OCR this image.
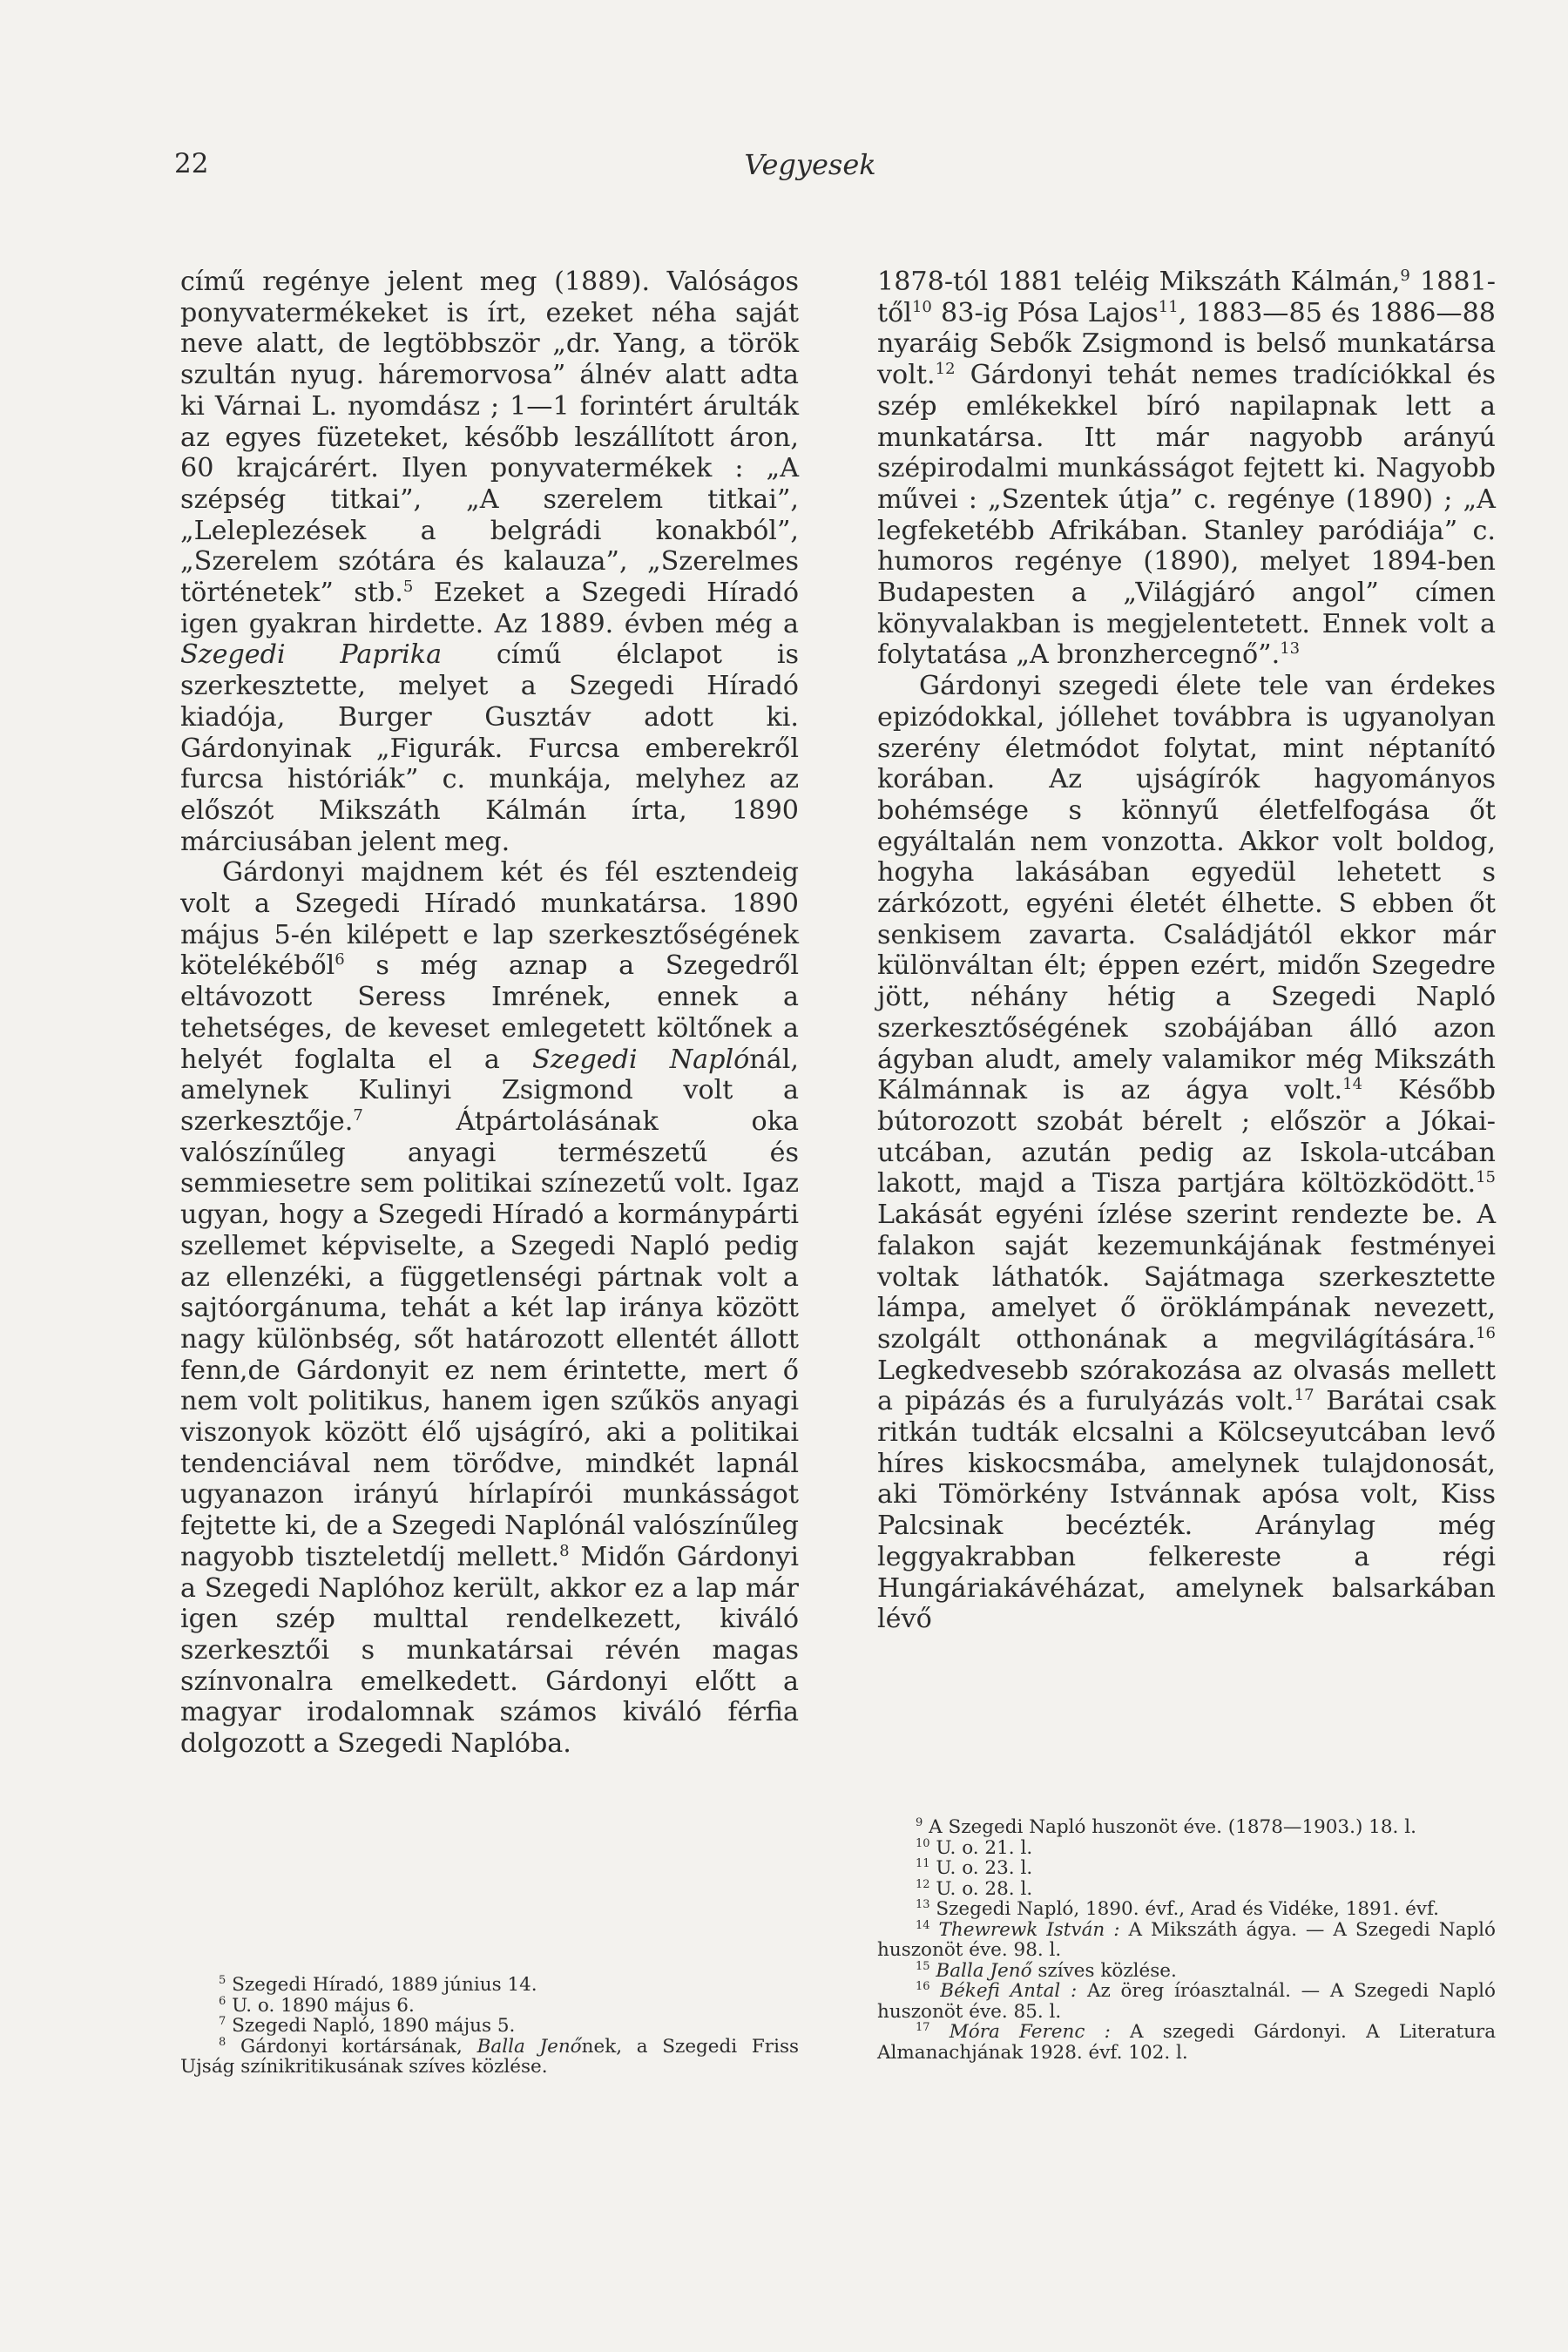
22	Vegyesek

című regénye jelent meg (1889). Valóságos ponyvatermékeket is írt, ezeket néha saját neve alatt, de legtöbbször „dr. Yang, a török szultán nyug. háremorvosa” álnév alatt adta ki Várnai L. nyomdász ; 1—1 forintért árulták az egyes füzeteket, később leszállított áron, 60 krajcárért. Ilyen ponyvatermékek : „A szépség titkai”, „A szerelem titkai”, „Leleplezések a belgrádi konakból”, „Szerelem szótára és kalauza”, „Szerelmes történetek” stb.$^5$ Ezeket a Szegedi Híradó igen gyakran hirdette. Az 1889. évben még a Szegedi Paprika című élclapot is szerkesztette, melyet a Szegedi Híradó kiadója, Burger Gusztáv adott ki. Gárdonyinak „Figurák. Furcsa emberekről furcsa históriák” c. munkája, melyhez az előszót Mikszáth Kálmán írta, 1890 márciusában jelent meg.

Gárdonyi majdnem két és fél esztendeig volt a Szegedi Híradó munkatársa. 1890 május 5-én kilépett e lap szerkesztőségének kötelékéből$^6$ s még aznap a Szegedről eltávozott Seress Imrének, ennek a tehetséges, de keveset emlegetett költőnek a helyét foglalta el a Szegedi Naplónál, amelynek Kulinyi Zsigmond volt a szerkesztője.$^7$ Átpártolásának oka valószínűleg anyagi természetű és semmiesetre sem politikai színezetű volt. Igaz ugyan, hogy a Szegedi Híradó a kormánypárti szellemet képviselte, a Szegedi Napló pedig az ellenzéki, a függetlenségi pártnak volt a sajtóorgánuma, tehát a két lap iránya között nagy különbség, sőt határozott ellentét állott fenn,de Gárdonyit ez nem érintette, mert ő nem volt politikus, hanem igen szűkös anyagi viszonyok között élő ujságíró, aki a politikai tendenciával nem törődve, mindkét lapnál ugyanazon irányú hírlapírói munkásságot fejtette ki, de a Szegedi Naplónál valószínűleg nagyobb tiszteletdíj mellett.$^8$ Midőn Gárdonyi a Szegedi Naplóhoz került, akkor ez a lap már igen szép multtal rendelkezett, kiváló szerkesztői s munkatársai révén magas színvonalra emelkedett. Gárdonyi előtt a magyar irodalomnak számos kiváló férfia dolgozott a Szegedi Naplóba.

1878-tól 1881 teléig Mikszáth Kálmán,$^9$ 1881-től$^{10}$ 83-ig Pósa Lajos$^{11}$, 1883—85 és 1886—88 nyaráig Sebők Zsigmond is belső munkatársa volt.$^{12}$ Gárdonyi tehát nemes tradíciókkal és szép emlékekkel bíró napilapnak lett a munkatársa. Itt már nagyobb arányú szépirodalmi munkásságot fejtett ki. Nagyobb művei : „Szentek útja” c. regénye (1890) ; „A legfeketébb Afrikában. Stanley paródiája” c. humoros regénye (1890), melyet 1894-ben Budapesten a „Világjáró angol” címen könyvalakban is megjelentetett. Ennek volt a folytatása „A bronzhercegnő”.$^{13}$

Gárdonyi szegedi élete tele van érdekes epizódokkal, jóllehet továbbra is ugyanolyan szerény életmódot folytat, mint néptanító korában. Az ujságírók hagyományos bohémsége s könnyű életfelfogása őt egyáltalán nem vonzotta. Akkor volt boldog, hogyha lakásában egyedül lehetett s zárkózott, egyéni életét élhette. S ebben őt senkisem zavarta. Családjától ekkor már különváltan élt; éppen ezért, midőn Szegedre jött, néhány hétig a Szegedi Napló szerkesztőségének szobájában álló azon ágyban aludt, amely valamikor még Mikszáth Kálmánnak is az ágya volt.$^{14}$ Később bútorozott szobát bérelt ; először a Jókai-utcában, azután pedig az Iskola-utcában lakott, majd a Tisza partjára költözködött.$^{15}$ Lakását egyéni ízlése szerint rendezte be. A falakon saját kezemunkájának festményei voltak láthatók. Sajátmaga szerkesztette lámpa, amelyet ő öröklámpának nevezett, szolgált otthonának a megvilágítására.$^{16}$ Legkedvesebb szórakozása az olvasás mellett a pipázás és a furulyázás volt.$^{17}$ Barátai csak ritkán tudták elcsalni a Kölcseyutcában levő híres kiskocsmába, amelynek tulajdonosát, aki Tömörkény Istvánnak apósa volt, Kiss Palcsinak becézték. Aránylag még leggyakrabban felkereste a régi Hungáriakávéházat, amelynek balsarkában lévő

$^5$ Szegedi Híradó, 1889 június 14.

$^6$ U. o. 1890 május 6.

$^7$ Szegedi Napló, 1890 május 5.

$^8$ Gárdonyi kortársának, Balla Jenőnek, a Szegedi Friss Ujság színikritikusának szíves közlése.

$^9$ A Szegedi Napló huszonöt éve. (1878—1903.) 18. l.

$^{10}$ U. o. 21. l.

$^{11}$ U. o. 23. l.

$^{12}$ U. o. 28. l.

$^{13}$ Szegedi Napló, 1890. évf., Arad és Vidéke, 1891. évf.

$^{14}$ Thewrewk István : A Mikszáth ágya. — A Szegedi Napló huszonöt éve. 98. l.

$^{15}$ Balla Jenő szíves közlése.

$^{16}$ Békefi Antal : Az öreg íróasztalnál. — A Szegedi Napló huszonöt éve. 85. l.

$^{17}$ Móra Ferenc : A szegedi Gárdonyi. A Literatura Almanachjának 1928. évf. 102. l.
